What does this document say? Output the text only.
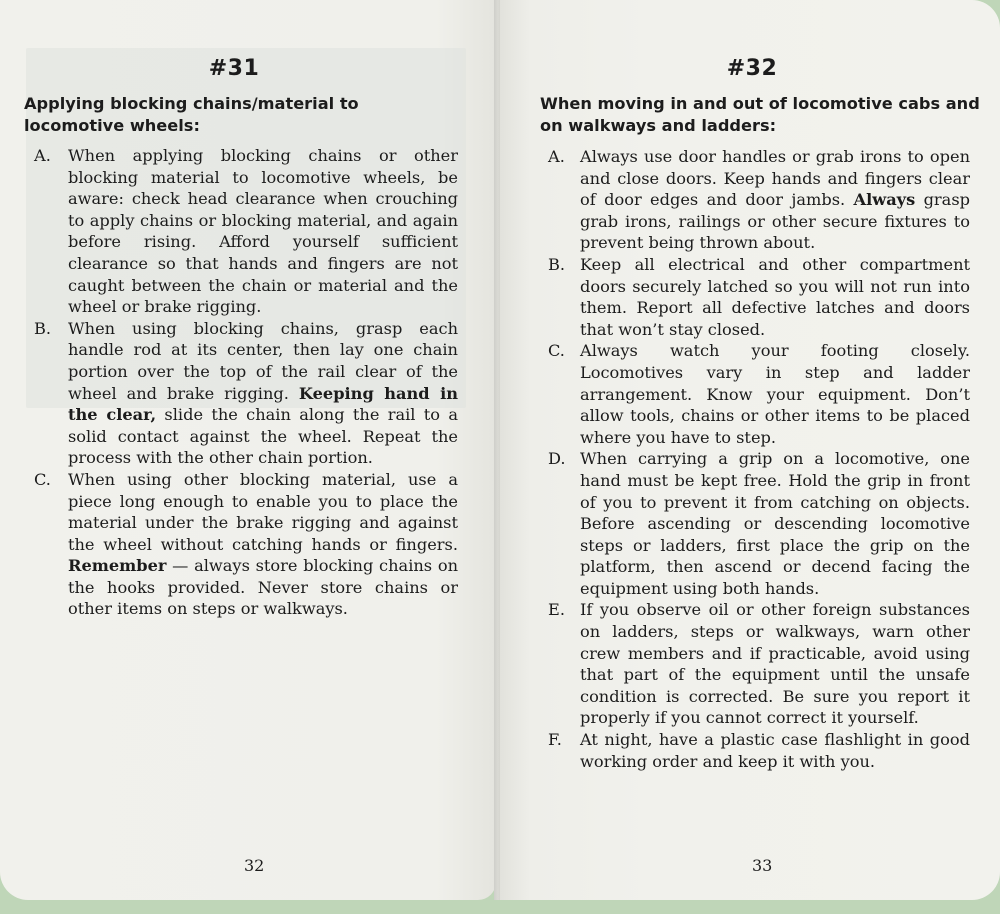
#31
Applying blocking chains/material to locomotive wheels:
A. When applying blocking chains or other blocking material to locomotive wheels, be aware: check head clearance when crouching to apply chains or blocking material, and again before rising. Afford yourself sufficient clearance so that hands and fingers are not caught between the chain or material and the wheel or brake rigging.
B. When using blocking chains, grasp each handle rod at its center, then lay one chain portion over the top of the rail clear of the wheel and brake rigging. Keeping hand in the clear, slide the chain along the rail to a solid contact against the wheel. Repeat the process with the other chain portion.
C. When using other blocking material, use a piece long enough to enable you to place the material under the brake rigging and against the wheel without catching hands or fingers. Remember — always store blocking chains on the hooks provided. Never store chains or other items on steps or walkways.
32
#32
When moving in and out of locomotive cabs and on walkways and ladders:
A. Always use door handles or grab irons to open and close doors. Keep hands and fingers clear of door edges and door jambs. Always grasp grab irons, railings or other secure fixtures to prevent being thrown about.
B. Keep all electrical and other compartment doors securely latched so you will not run into them. Report all defective latches and doors that won’t stay closed.
C. Always watch your footing closely. Locomotives vary in step and ladder arrangement. Know your equipment. Don’t allow tools, chains or other items to be placed where you have to step.
D. When carrying a grip on a locomotive, one hand must be kept free. Hold the grip in front of you to prevent it from catching on objects. Before ascending or descending locomotive steps or ladders, first place the grip on the platform, then ascend or decend facing the equipment using both hands.
E. If you observe oil or other foreign substances on ladders, steps or walkways, warn other crew members and if practicable, avoid using that part of the equipment until the unsafe condition is corrected. Be sure you report it properly if you cannot correct it yourself.
F. At night, have a plastic case flashlight in good working order and keep it with you.
33
